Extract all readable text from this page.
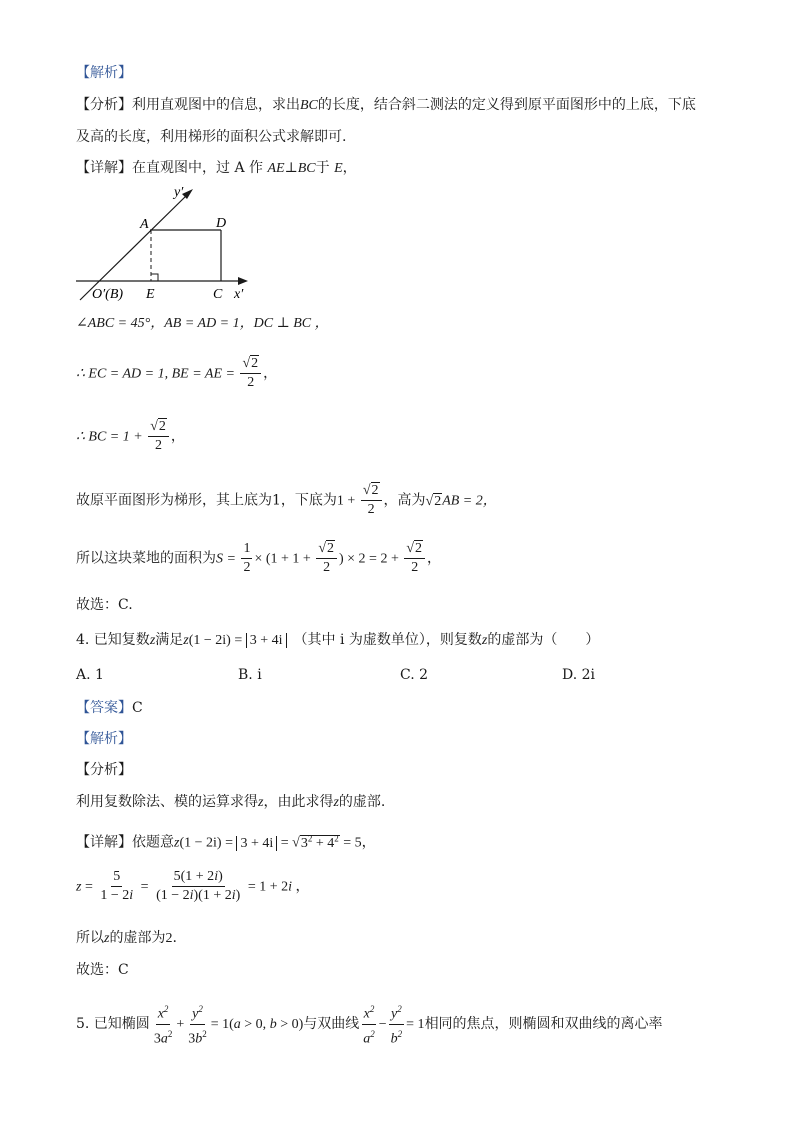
【解析】
【分析】利用直观图中的信息，求出BC的长度，结合斜二测法的定义得到原平面图形中的上底，下底
及高的长度，利用梯形的面积公式求解即可.
【详解】在直观图中，过 A 作 AE⊥BC于 E，
y′
A	D
O′(B) E	C x′
∠ABC = 45°，AB = AD = 1，DC ⊥ BC ，
∴ EC = AD = 1, BE = AE = $\frac{√2}{2}$ ，
∴ BC = $1 + \frac{√2}{2}$ ，
故原平面图形为梯形，其上底为1，下底为$1 + \frac{√2}{2}$ ，高为√2AB = 2，
所以这块菜地的面积为$S = \frac{1}{2} \times (1 + 1 + \frac{√2}{2}$ ) × $2 = 2 + \frac{√2}{2}$ ，
故选：C.
4. 已知复数z满足z(1 − 2i) = 3 + 4i　 （其中 i 为虚数单位），则复数z的虚部为（　　）
A. 1	B. i	C. 2	D. 2i
【答案】C
【解析】
【分析】
利用复数除法、模的运算求得z，由此求得z的虚部.
【详解】依题意$z(1 - 2i) = 3 + 4i = √3^2 + 4^2 = 5$，
$z = \frac{5}{1 - 2i} = \frac{5(1 + 2i)}{(1 - 2i)(1 + 2i)} = 1 + 2i$ ，
所以z的虚部为2.
故选：C
5. 已知椭圆 $\frac{x^2}{3a^2} + \frac{y^2}{3b^2} = 1(a > 0$, b > 0)与双曲线 $\frac{x^2}{a^2} - \frac{y^2}{b^2} = 1$相同的焦点，则椭圆和双曲线的离心率
